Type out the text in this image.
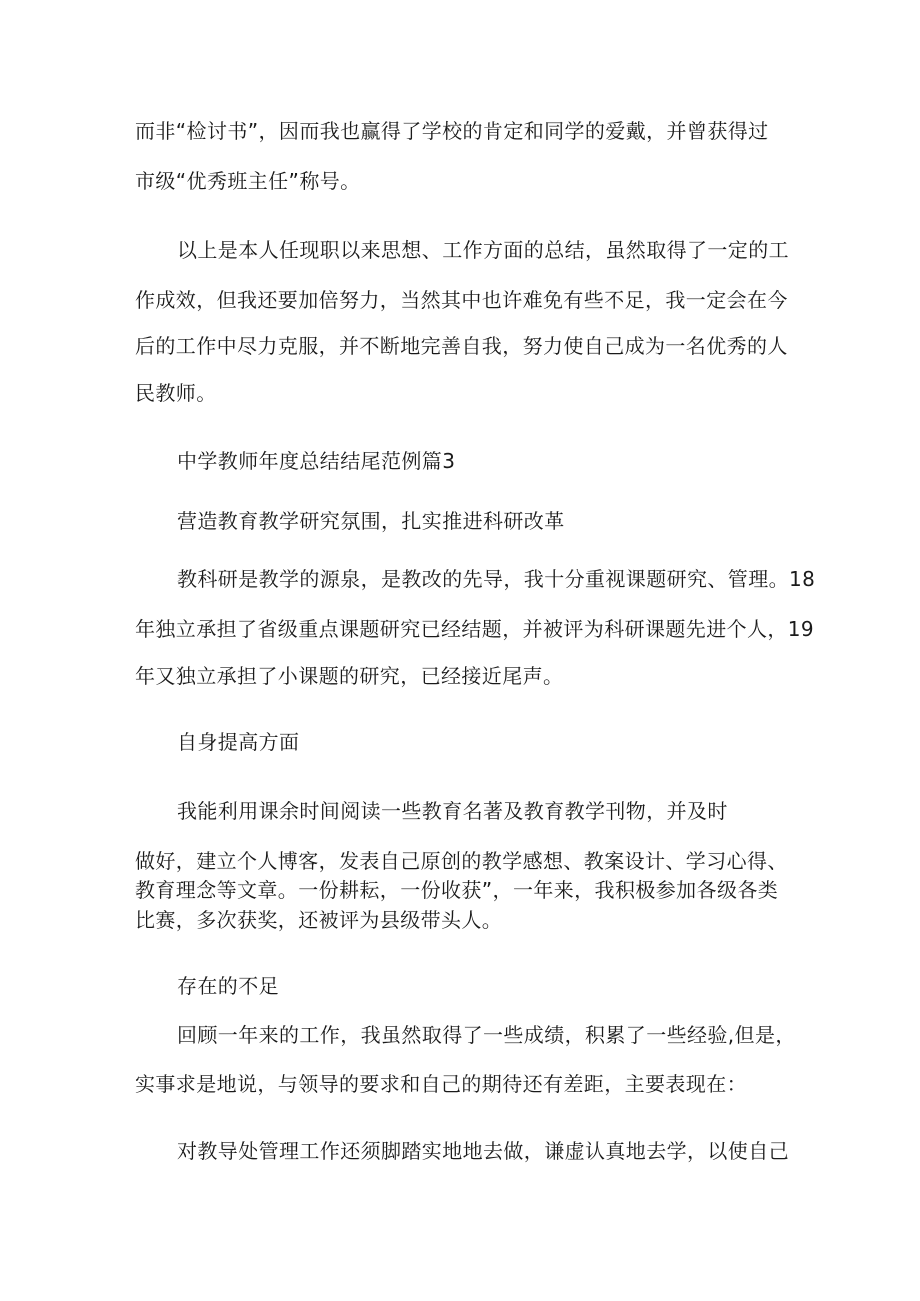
而非“检讨书”，因而我也赢得了学校的肯定和同学的爱戴，并曾获得过
市级“优秀班主任”称号。
以上是本人任现职以来思想、工作方面的总结，虽然取得了一定的工
作成效，但我还要加倍努力，当然其中也许难免有些不足，我一定会在今
后的工作中尽力克服，并不断地完善自我，努力使自己成为一名优秀的人
民教师。
中学教师年度总结结尾范例篇3
营造教育教学研究氛围，扎实推进科研改革
教科研是教学的源泉，是教改的先导，我十分重视课题研究、管理。18
年独立承担了省级重点课题研究已经结题，并被评为科研课题先进个人，19
年又独立承担了小课题的研究，已经接近尾声。
自身提高方面
我能利用课余时间阅读一些教育名著及教育教学刊物，并及时
做好，建立个人博客，发表自己原创的教学感想、教案设计、学习心得、
教育理念等文章。一份耕耘，一份收获”，一年来，我积极参加各级各类
比赛，多次获奖，还被评为县级带头人。
存在的不足
回顾一年来的工作，我虽然取得了一些成绩，积累了一些经验,但是，
实事求是地说，与领导的要求和自己的期待还有差距，主要表现在：
对教导处管理工作还须脚踏实地地去做，谦虚认真地去学，以使自己
